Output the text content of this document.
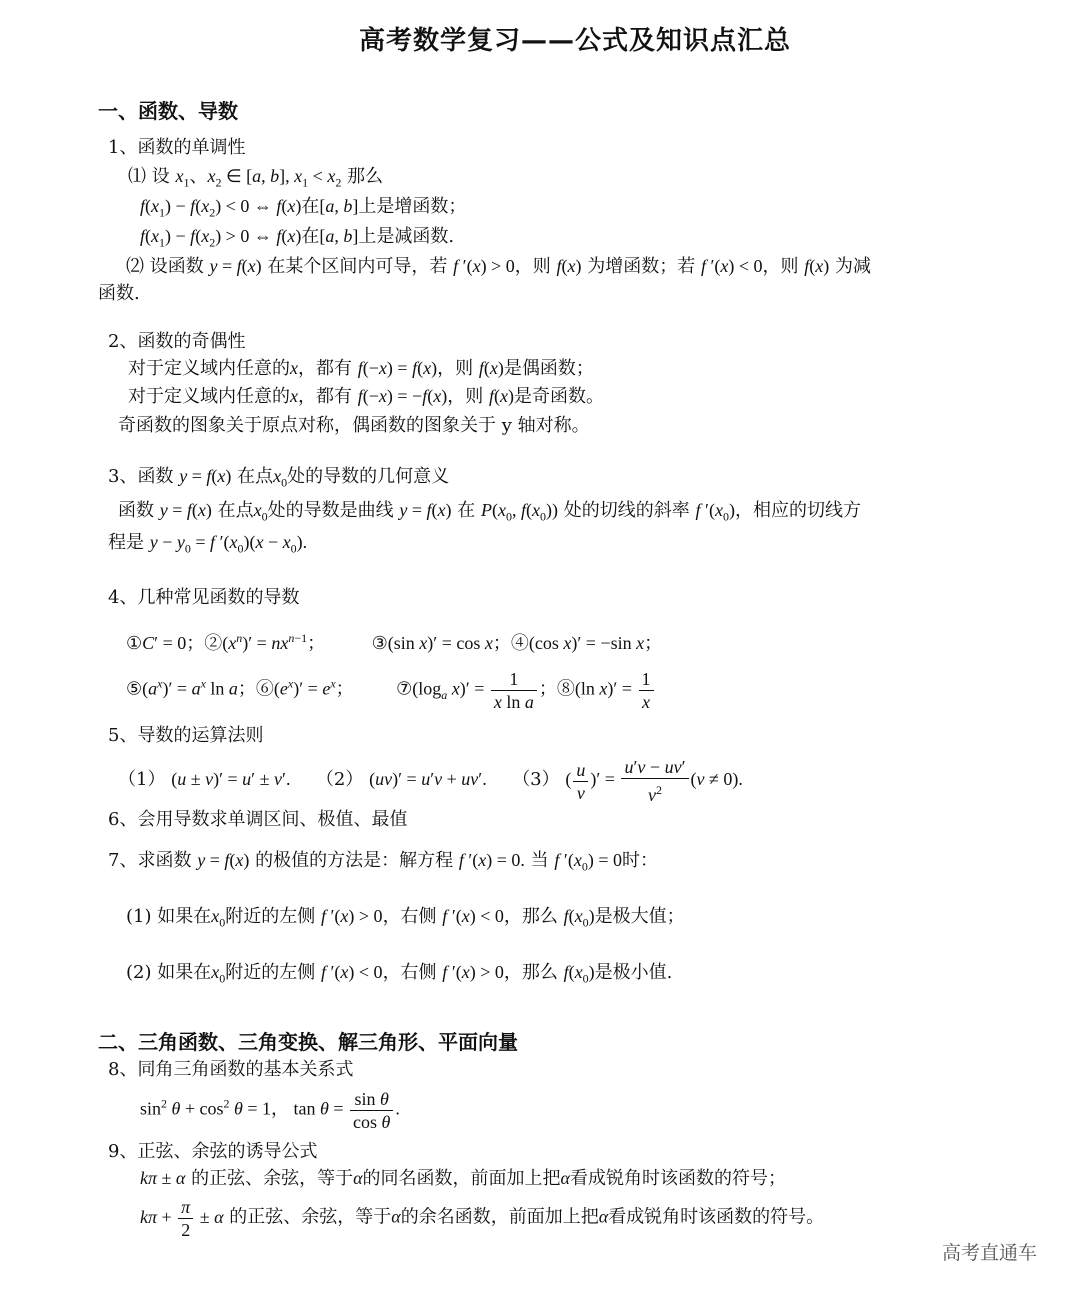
高考数学复习——公式及知识点汇总
一、函数、导数
1、函数的单调性
⑴ 设 $x_1$、$x_2$ ∈ [a, b], $x_1 < x_2$ 那么
$f(x_1) - f(x_2) < 0$ ⇔ f(x)在[a, b]上是增函数；
$f(x_1) - f(x_2) > 0$ ⇔ f(x)在[a, b]上是减函数.
⑵ 设函数 y = f(x) 在某个区间内可导，若 f ′(x) > 0，则 f(x) 为增函数；若 f ′(x) < 0，则 f(x) 为减
函数.
2、函数的奇偶性
对于定义域内任意的x，都有 f(−x) = f(x)，则 f(x)是偶函数；
对于定义域内任意的x，都有 f(−x) = −f(x)，则 f(x)是奇函数。
奇函数的图象关于原点对称，偶函数的图象关于 y 轴对称。
3、函数 y = f(x) 在点$x_0$处的导数的几何意义
函数 y = f(x) 在点$x_0$处的导数是曲线 y = f(x) 在 $P(x_0$, $f(x_0)$) 处的切线的斜率 f $'(x_0)$，相应的切线方
程是 $y - y_0 = f$ $'(x_0)(x - x_0)$.
4、几种常见函数的导数
①C′ = 0；$②(x^n)' = nx^{n-1}$； ③(sin x)′ = cos x；④(cos x)′ = −sin x；
$⑤(a^x)' = a^x$ ln a；$⑥(e^x)' = e^x$； $⑦(\log_a$ $x)' = \frac{1}{\text{x ln a}}$ ；⑧(ln $x)' = \frac{1}{x}$
5、导数的运算法则
（1） (u ± v)′ = u′ ± v′. （2） (uv)′ = u′v + uv′. （3） ( $\frac{u}{v}$ )′ = $\frac{u'v - uv'}{v^2} (v \ne 0)$.
6、会用导数求单调区间、极值、最值
7、求函数 y = f(x) 的极值的方法是：解方程 f ′(x) = 0. 当 f $'(x_0) = 0$时：
(1) 如果在$x_0$附近的左侧 f ′(x) > 0，右侧 f ′(x) < 0，那么 $f(x_0)$是极大值；
(2) 如果在$x_0$附近的左侧 f ′(x) < 0，右侧 f ′(x) > 0，那么 $f(x_0)$是极小值.
二、三角函数、三角变换、解三角形、平面向量
8、同角三角函数的基本关系式
$\sin^2 \theta + \cos^2 \theta = 1$， $\tan \theta = \frac{\text{sin θ}}{\text{cos θ}}$ .
9、正弦、余弦的诱导公式
kπ ± α 的正弦、余弦，等于α的同名函数，前面加上把α看成锐角时该函数的符号；
$k\pi + \frac{\pi}{2} \pm \alpha$ 的正弦、余弦，等于α的余名函数，前面加上把α看成锐角时该函数的符号。
高考直通车
